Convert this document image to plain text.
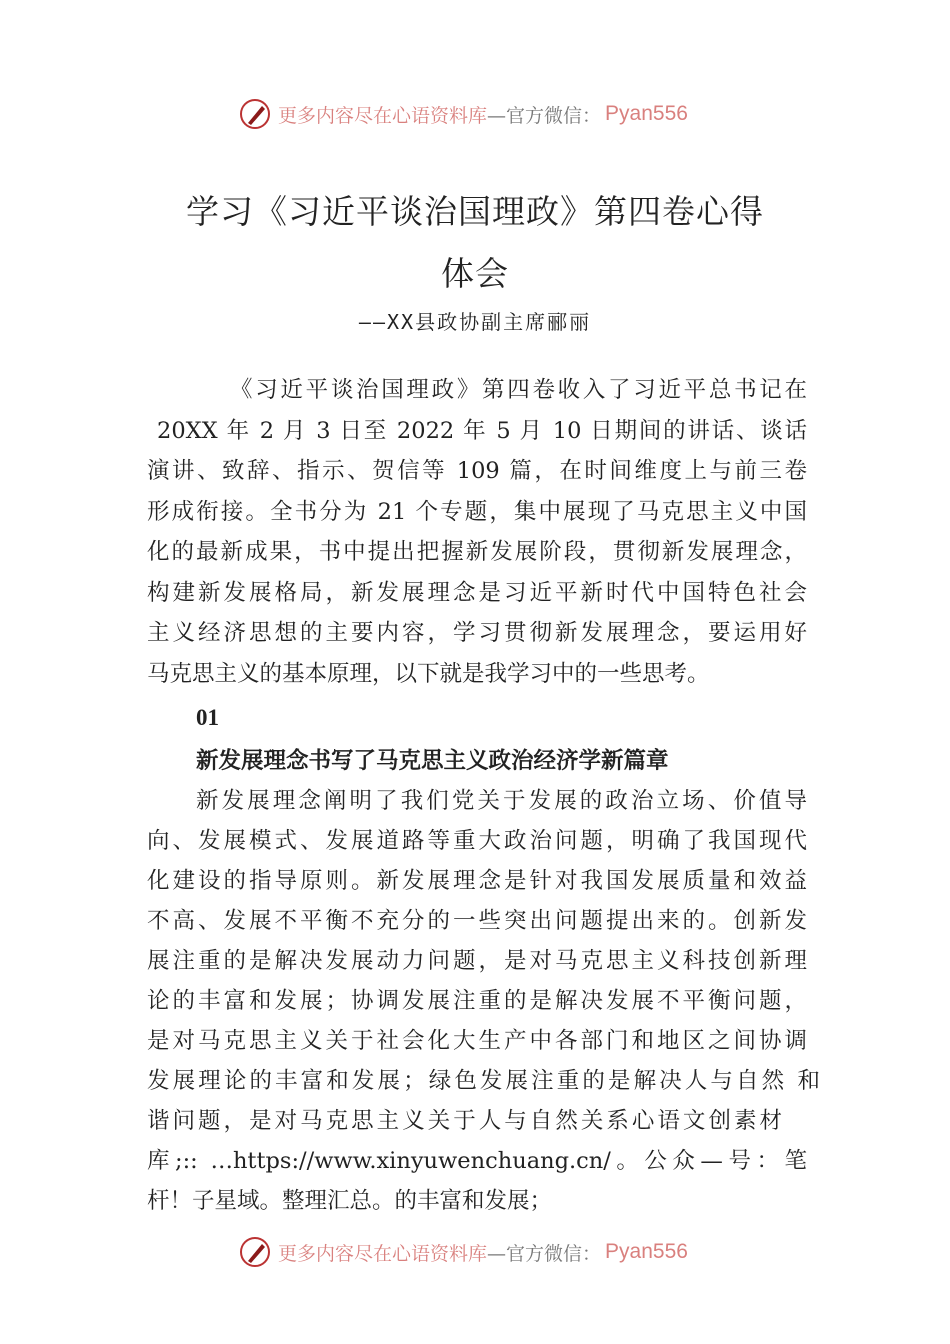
更多内容尽在心语资料库 —官方微信： Pyan556
学习《习近平谈治国理政》第四卷心得
体会
——XX县政协副主席郦丽
《习近平谈治国理政》第四卷收入了习近平总书记在
20XX 年 2 月 3 日至 2022 年 5 月 10 日期间的讲话、谈话
演讲、致辞、指示、贺信等 109 篇，在时间维度上与前三卷
形成衔接。全书分为 21 个专题，集中展现了马克思主义中国
化的最新成果，书中提出把握新发展阶段，贯彻新发展理念，
构建新发展格局，新发展理念是习近平新时代中国特色社会
主义经济思想的主要内容，学习贯彻新发展理念，要运用好
马克思主义的基本原理，以下就是我学习中的一些思考。
01
新发展理念书写了马克思主义政治经济学新篇章
新发展理念阐明了我们党关于发展的政治立场、价值导
向、发展模式、发展道路等重大政治问题，明确了我国现代
化建设的指导原则。新发展理念是针对我国发展质量和效益
不高、发展不平衡不充分的一些突出问题提出来的。创新发
展注重的是解决发展动力问题，是对马克思主义科技创新理
论的丰富和发展；协调发展注重的是解决发展不平衡问题，
是对马克思主义关于社会化大生产中各部门和地区之间协调
发展理论的丰富和发展；绿色发展注重的是解决人与自然 和
谐问题，是对马克思主义关于人与自然关系心语文创素材
库;:: …https://www.xinyuwenchuang.cn/。公众—号：笔
杆！子星域。整理汇总。的丰富和发展；
更多内容尽在心语资料库 —官方微信： Pyan556
